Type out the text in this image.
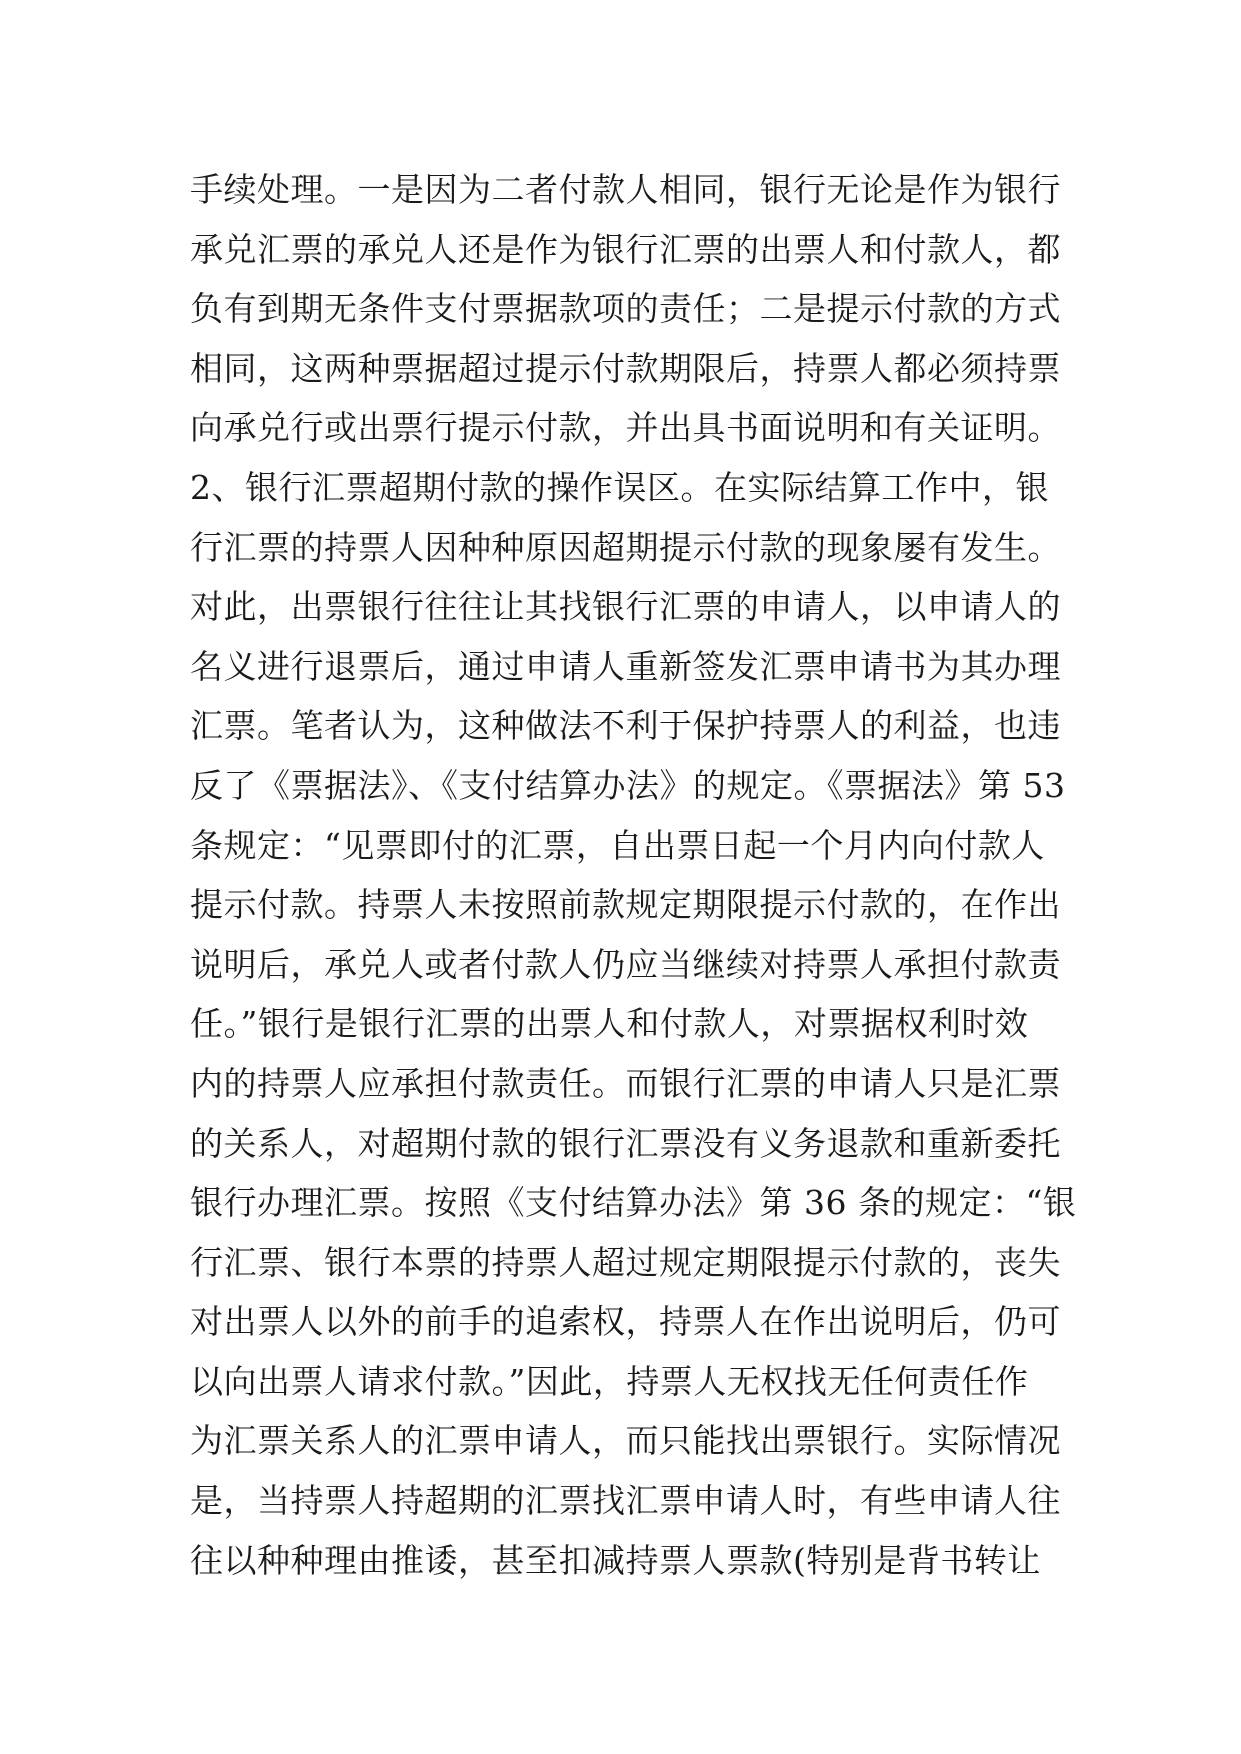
手续处理。一是因为二者付款人相同，银行无论是作为银行
承兑汇票的承兑人还是作为银行汇票的出票人和付款人，都
负有到期无条件支付票据款项的责任；二是提示付款的方式
相同，这两种票据超过提示付款期限后，持票人都必须持票
向承兑行或出票行提示付款，并出具书面说明和有关证明。
2、银行汇票超期付款的操作误区。在实际结算工作中，银
行汇票的持票人因种种原因超期提示付款的现象屡有发生。
对此，出票银行往往让其找银行汇票的申请人，以申请人的
名义进行退票后，通过申请人重新签发汇票申请书为其办理
汇票。笔者认为，这种做法不利于保护持票人的利益，也违
反了《票据法》、《支付结算办法》的规定。《票据法》第 53
条规定：“见票即付的汇票，自出票日起一个月内向付款人
提示付款。持票人未按照前款规定期限提示付款的，在作出
说明后，承兑人或者付款人仍应当继续对持票人承担付款责
任。”银行是银行汇票的出票人和付款人，对票据权利时效
内的持票人应承担付款责任。而银行汇票的申请人只是汇票
的关系人，对超期付款的银行汇票没有义务退款和重新委托
银行办理汇票。按照《支付结算办法》第 36 条的规定：“银
行汇票、银行本票的持票人超过规定期限提示付款的，丧失
对出票人以外的前手的追索权，持票人在作出说明后，仍可
以向出票人请求付款。”因此，持票人无权找无任何责任作
为汇票关系人的汇票申请人，而只能找出票银行。实际情况
是，当持票人持超期的汇票找汇票申请人时，有些申请人往
往以种种理由推诿，甚至扣减持票人票款(特别是背书转让
